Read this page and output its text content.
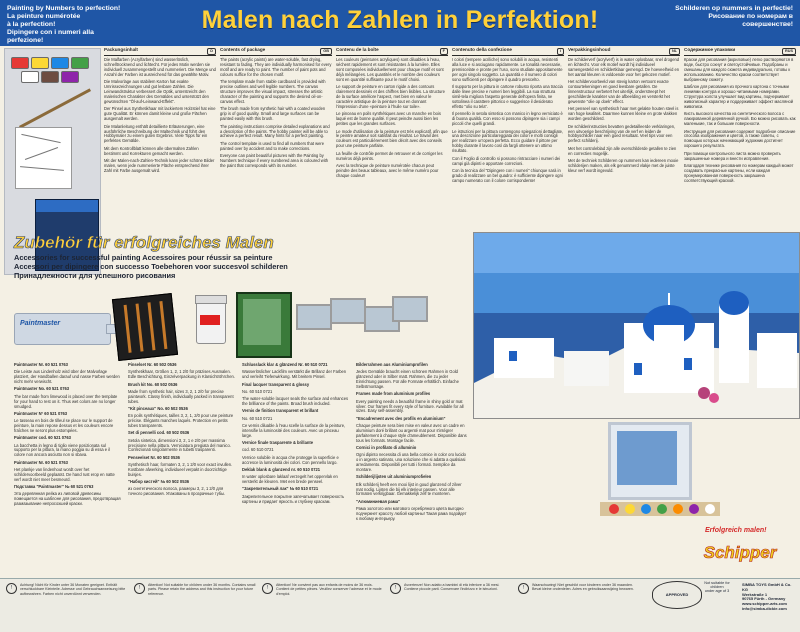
Painting by Numbers to perfection!
La peinture numérotée
à la perfection!
Dipingere con i numeri alla perfezione!
Malen nach Zahlen in Perfektion!	Schilderen op nummers in perfectie!
Рисование по номерам в совершенстве!
Packungsinhalt	D

Die Malfarben (Acrylfarben) sind wasserlöslich, schnelltrocknend und lichtecht. Für jedes Motiv werden sie individuell zusammengestellt und nummeriert. Die Menge und Anzahl der Farben ist ausreichend für das gewählte Motiv.

Die Malvorlage aus stabilem Karton hat exakte Umrissezeichnungen und gut lesbare Zahlen. Die Leinwandstruktur verbessert die Optik, unterstreicht den malerischen Charakter des Gemäldes und unterstützt den gewünschten "Öl-auf-Leinwand-Effekt".

Der Pinsel aus Synthetikhaar mit lackiertem Holzstiel hat eine gute Qualität. Er können damit kleine und große Flächen ausgemalt werden.

Die Malanleitung enthält detaillierte Erläuterungen, eine ausführliche Beschreibung der Maltechnik und führt den Hobbymaler zu einem guten Ergebnis. Viele Tipps für ein perfektes Gemälde.

Mit dem Kontrollblatt können alle übermalten Zahlen bestimmt und Korrekturen gemacht werden.

Mit der Malen-nach-Zahlen-Technik kann jeder schöne Bilder malen, wenn jede nummerierte Fläche entsprechend ihrer Zahl mit Farbe ausgemalt wird.

Contents of package	GB

The paints (acrylic paints) are water-soluble, fast drying, resistant to fading. They are individually harmonised for every motif and are ready to paint. The number of paint pots and colours suffice for the chosen motif.

The template made from stable cardboard is provided with precise outlines and well legible numbers. The canvas structure improves the visual impact, stresses the artistic character of the painting and supports the desired oil-on-canvas effect.

The brush made from synthetic hair with a coated wooden grip is of good quality. Small and large surfaces can be painted easily with this brush.

The painting instructions comprise detailed explanations and a description of the paints. The hobby painter will be able to achieve a perfect result. Many hints for a perfect painting.

The control template is used to find all numbers that were painted over by accident and to make corrections.

Everyone can paint beautiful pictures with the Painting by Numbers technique if every numbered area is coloured with the paint that corresponds with its number.

Contenu de la boîte	F

Les couleurs (peintures acryliques) sont diluables à l'eau, séchent rapidement et sont résistantes à la lumière. Elles sont composées individuellement pour chaque motif et sont déjà mélangées. Les quantités et le nombre des couleurs sont en quantité suffisante pour le motif choisi.

Le support de peinture en carton rigide a des contours clairement dessinés et des chiffres bien lisibles. La structure de la surface améliore l'aspect, met bien en valeur le caractère artistique de la peinture tout en donnant l'impression d'une «peinture à l'huile sur toile».

Le pinceau en poils synthétiques avec un manche en bois laqué est de bonne qualité. Il peut peindre aussi bien les petites que les grandes surfaces.

Le mode d'utilisation de la peinture est très explicatif, afin que le peintre amateur soit satisfait du résultat. Le travail des couleurs est particulièrement bien décrit avec des conseils pour une peinture parfaite.

La feuille de contrôle permet de retrouver et de corriger les numéros déjà peints.

Avec la technique de peinture numérotée chacun peut peindre des beaux tableaux, avec le même numéro pour chaque couleur!

Contenuto della confezione	I

I colori (tempere acriliche) sono solubili in acqua, resistenti alla luce e si asciugano rapidamente. Le tonalità necessarie, premiscelate e pronte per l'uso, sono studiate appositamente per ogni singolo soggetto. La quantità e il numero di colori sono sufficienti per dipingere il quadro prescelto.

Il supporto per la pittura in cartone robusto riporta una traccia dalle linee precise e numeri ben leggibili. La sua struttura simil-tela migliora l'aspetto generale dell'opera finita, ne sottolinea il carattere pittorico e suggerisce il desiderato effetto "olio su tela".

Il pennello in setola sintetica con manico in legno verniciato è di buona qualità. Con esso si possono dipingere sia i campi piccoli che quelli grandi.

Le istruzioni per la pittura contengono spiegazioni dettagliate, una descrizione particolareggiata dei colori e molti consigli per realizzare un'opera perfetta. Ecco guidare il pittore per hobby durante il lavoro così da fargli ottenere un ottimo risultato.

Con il Foglio di controllo si possono rintracciare i numeri dei campi già dipinti e apportare correzioni.

Con la tecnica del "Dipingere con i numeri" chiunque sarà in grado di realizzare un bel quadro: è sufficiente dipingere ogni campo numerato con il colore corrispondente!

Verpakkingsinhoud	NL

De schilderverf (acrylverf) is in water oplosbaar, snel drogend en lichtecht. Voor elk motief wordt hij individueel samengesteld en schildertklaar gemengd. De hoeveelheid en het aantal kleuren is voldoende voor het gekozen motief.

Het schildervoorbeeld van stevig karton vertoont exacte contourtekeningen en goed leesbare getallen. De linnenstructuur verbetert het uiterlijk, onderstreept het geschilderde karakter van de afbeelding en versterkt het gewenste "olie op doek" effect.

Het penseel van synthetisch haar met gelakte houten steel is van hoge kwaliteit. Daarmee kunnen kleine en grote vlakken worden geschilderd.

De schilderinstructies bevatten gedetailleerde verklaringen, een uitvoerige beschrijving van de verf en leiden de hobbyschilder naar een goed resultaat. Veel tips voor een perfect schilderij.

Met het controleblad zijn alle overschilderde getallen te zien en correcties mogelijk.

Met de techniek Schilderen op nummers kan iedereen mooie schilderijen maken, als elk genummerd vlakje met de juiste kleur verf wordt ingevuld.

Содержимое упаковки	RUS

Краски для рисования (акриловые) легко растворяются в воде, быстро сохнут и светоустойчивые. Подобраны и смешаны для каждого сюжета индивидуально, готовы к использованию. Количество краски соответствует выбранному сюжету.

Шаблон для рисования из прочного картона с точными линиями контура и хорошо читаемыми номерами. Структура холста улучшает вид картины, подчеркивает живописный характер и поддерживает эффект масляной живописи.

Кисть высокого качества из синтетического волоса с лакированной деревянной ручкой. Ею можно рисовать как маленькие, так и большие поверхности.

Инструкция для рисования содержит подробное описание способа изображения и цветов, а также советы, с помощью которых начинающий художник достигнет хорошего результата.

При помощи контрольного листа можно проверить закрашенные номера и внести исправления.

Благодаря технике рисования по номерам каждый может создавать прекрасные картины, если каждая пронумерованная поверхность закрашена соответствующей краской.

Zubehör für erfolgreiches Malen
Accessories for successful painting Accessoires pour réussir sa peinture
Accessori per dipingere con successo Toebehoren voor succesvol schilderen
Принадлежности для успешного рисования
Paintmaster

Paintmaster Nr. 60 521 0763

Die Leiste aus Lindenholz wird über der Malvorlage platziert, der Handballen darauf und nasse Farben werden nicht mehr verwischt.

Paintmaster No. 60 521 0763

The bar made from limewood is placed over the template for your hand to rest on it. Thus wet colors are no longer smudged.

Paintmaster N° 60 521 0763

Le tasseau en bois de tilleul se place sur le support de peinture, la main repose dessus et les couleurs encore fraîches ne seront plus estompées.

Paintmaster cod. 60 521 0763

La bacchetta in legno di tiglio viene posizionata sul supporto per la pittura, la mano poggia su di essa e il colore non ancora asciutto non si sbava.

Paintmaster Nr. 60 521 0763

Het plankje van lindenhout wordt over het schildervoorbeeld geplaatst. De hand rust erop en natte verf wordt niet meer besmeurd.

Подставка "Paintmaster" № 60 521 0763

Эта деревянная рейка из липовой древесины помещается на шаблоне для рисования, предотвращая размазывание непросохшей краски.

Pinselset Nr. 60 502 0536

Synthetikhaar, Größen 1, 2, 1 2/0 für präzises Ausmalen. Edle Beschichtung, Einzelverpackung in Klarsichtröhrchen.

Brush kit No. 60 502 0536

Made from synthetic hair, sizes 3, 2, 1 2/0 for precise paintwork. Classy finish, individually packed in transparent tubes.

"Kit pinceaux" No. 60 502 0536

En poils synthétiques, tailles 3, 2, 1, 2/0 pour une peinture précise. Élégants manches laqués. Protection en petits tubes transparents.

Set di pennelli cod. 60 502 0536

Setola sintetica, dimensioni 3, 2, 1 e 2/0 per massima precisione nella pittura. Verniciatura pregiata del manico. Confezionati singolarmente in tubetti trasparenti.

Penseelset Nr. 60 502 0536

Synthetisch haar, formaten 3, 2, 1 2/0 voor exact invullen. Kostbare afwerking, individueel verpakt in doorzichtige buisjes.

"Набор кистей" № 60 502 0536

из синтетического волоса, размеры 3, 2, 1 2/0 для точного рисования. Упакованы в прозрачные тубы.

Schlusslack klar & glänzend Nr. 60 510 0721

Wasserlöslicher Lackfilm verstärkt die Brillanz der Farben und verleiht Tiefenwirkung. Mit breitem Pinsel.

Final lacquer transparent & glossy

No. 60 510 0721

The water-soluble lacquer seals the surface and enhances the brilliance of the paints. Broad brush included.

Vernis de finition transparent et brillant

No. 60 510 0721

Ce vernis diluable à l'eau scelle la surface de la peinture, intensifie la luminosité des couleurs. Avec un pinceau large.

Vernice finale trasparente & brillante

cod. 60 510 0721

Vernice solubile in acqua che protegge la superficie e accresce la luminosità dei colori. Con pennello largo.

Deklak blank & glanzend nr. 60 510 0721

In water oplosbare laklaaf verzegelt het oppervlak en versterkt de kleuren. Met een brede penseel.

"Закрепительный лак" № 60 510 0721

Закрепительное покрытие запечатывает поверхность картины и придает яркость и глубину краскам.

Bilderrahmen aus Aluminiumprofilen

Jedes Gemälde braucht einen schönen Rahmen in Gold glänzend oder in Silber matt. Rahmen, die zu jeder Einrichtung passen. Für alle Formate erhältlich. Einfache Selbstmontage.

Frames made from aluminium profiles

Every painting needs a beautiful frame in shiny gold or mat silver. Our frames fit every style of furniture. Available for all sizes. Easy self-assembly.

"Encadrement avec des profils en aluminium"

Chaque peinture sera bien mise en valeur avec un cadre en aluminium doré brillant ou argenté mat pour s'intégrer parfaitement à chaque style d'ameublement. Disponible dans tous les formats. Montage facile.

Cornici in profilato di alluminio

Ogni dipinto necessita di una bella cornice in color oro lucido o in argento satinato, una soluzione che si adatta a qualsiasi arredamento. Disponibili per tutti i formati. Semplice da montare.

Schilderijlijsten uit aluminiumprofielen

Elk schilderij heeft een mooi lijst in goud glanzend of zilver mat nodig. Lijsten die bij elk interieur passen. Voor alle formaten verkrijgbaar. Gemakkelijk zelf te monteren.

"Алюминиевая рама"

Рама золотого или матового серебряного цвета выгодно подчеркнет красоту любой картины! Такая рама подойдет к любому интерьеру.

Erfolgreich malen!
Schipper
!	Achtung! Nicht für Kinder unter 36 Monaten geeignet. Enthält verschluckbare Kleinteile. Adresse und Gebrauchsanweisung bitte aufbewahren. Farben nicht unverdünnt verwenden.
!	Attention! Not suitable for children under 36 months. Contains small parts. Please retain the address and this instruction for your future reference.
!	Attention! Ne convient pas aux enfants de moins de 36 mois. Contient de petites pièces. Veuillez conserver l'adresse et le mode d'emploi.
!	Avvertenze! Non adatto a bambini di età inferiore a 36 mesi. Contiene piccole parti. Conservare l'indirizzo e le istruzioni.	!	Waarschuwing! Niet geschikt voor kinderen onder 36 maanden. Bevat kleine onderdelen. Adres en gebruiksaanwijzing bewaren.
APPROVED
Not suitable for children
under age of 3
SIMBA TOYS GmbH & Co. KG
Werkstraße 1
90765 Fürth - Germany
www.schipper-arts.com
info@simba-dickie.com
